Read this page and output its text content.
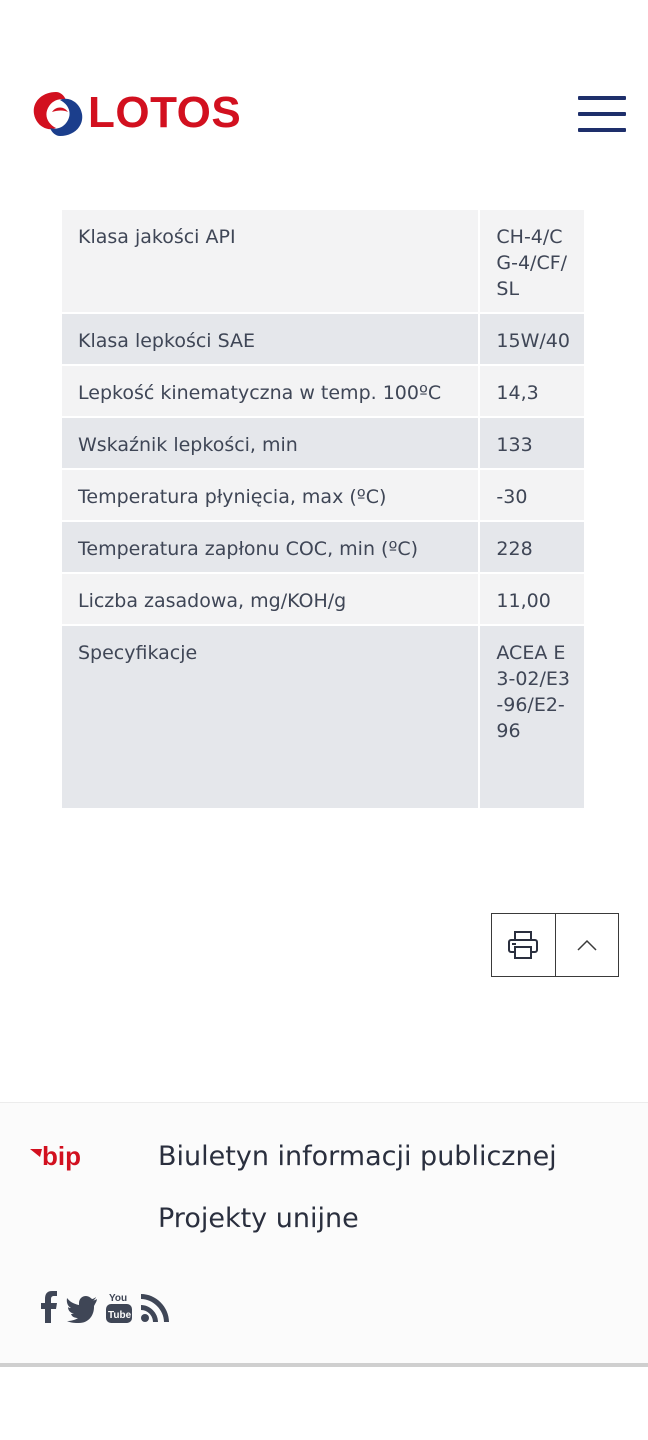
LOTOS
Klasa jakości API	CH-4/CG-4/CF/SL
Klasa lepkości SAE	15W/40
Lepkość kinematyczna w temp. 100ºC	14,3
Wskaźnik lepkości, min	133
Temperatura płynięcia, max (ºC)	-30
Temperatura zapłonu COC, min (ºC)	228
Liczba zasadowa, mg/KOH/g	11,00
Specyfikacje	ACEA E3-02/E3-96/E2-96
bip	Biuletyn informacji publicznej
Projekty unijne
You
Tube
